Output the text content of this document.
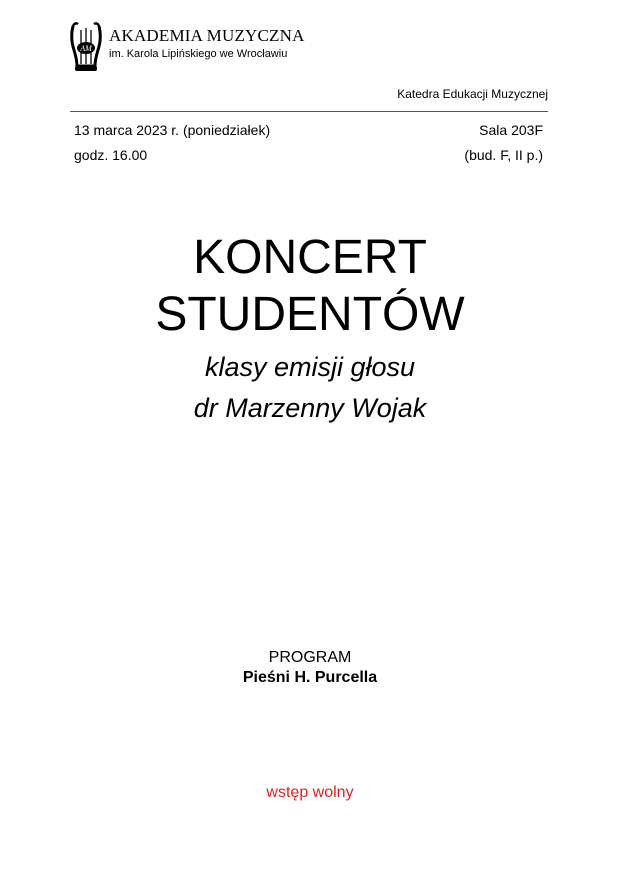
AM
AKADEMIA MUZYCZNA
im. Karola Lipińskiego we Wrocławiu
Katedra Edukacji Muzycznej
13 marca 2023 r. (poniedziałek)
godz. 16.00
Sala 203F
(bud. F, II p.)
KONCERT
STUDENTÓW
klasy emisji głosu
dr Marzenny Wojak
PROGRAM
Pieśni H. Purcella
wstęp wolny
